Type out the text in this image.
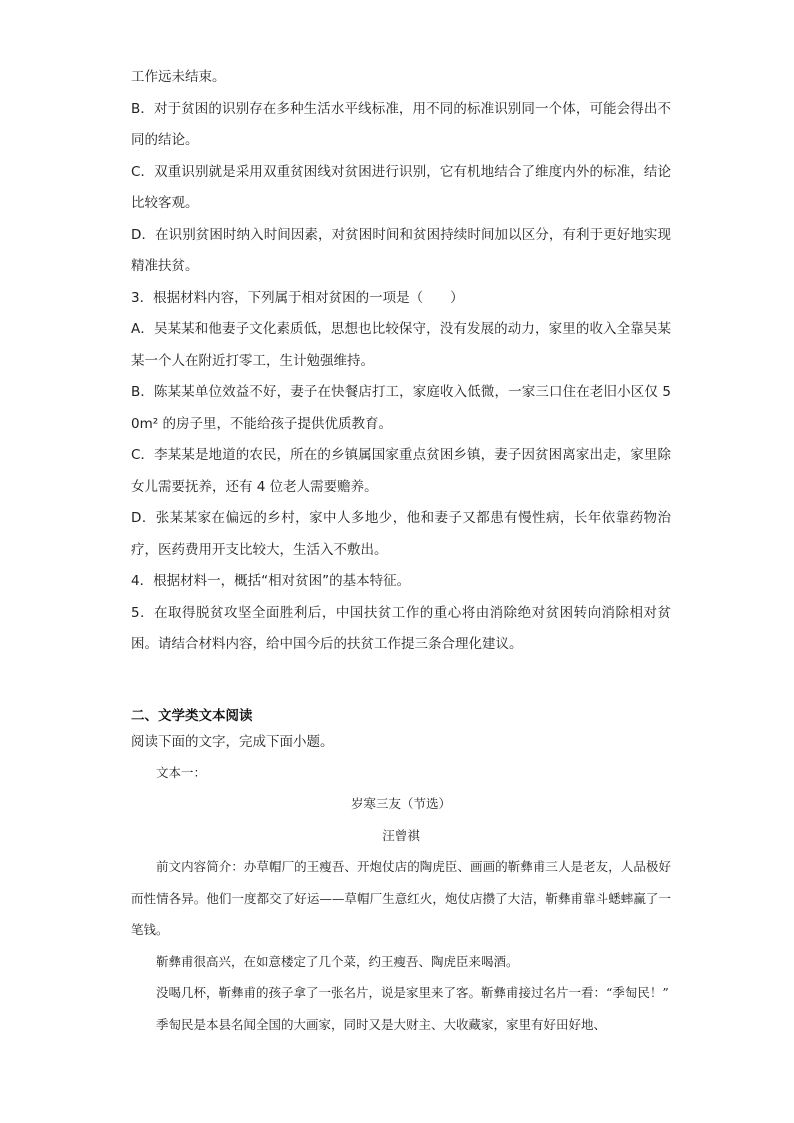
工作远未结束。

B．对于贫困的识别存在多种生活水平线标准，用不同的标准识别同一个体，可能会得出不同的结论。

C．双重识别就是采用双重贫困线对贫困进行识别，它有机地结合了维度内外的标准，结论比较客观。

D．在识别贫困时纳入时间因素，对贫困时间和贫困持续时间加以区分，有利于更好地实现精准扶贫。

3．根据材料内容，下列属于相对贫困的一项是（　　）

A．吴某某和他妻子文化素质低，思想也比较保守，没有发展的动力，家里的收入全靠吴某某一个人在附近打零工，生计勉强维持。

B．陈某某单位效益不好，妻子在快餐店打工，家庭收入低微，一家三口住在老旧小区仅 50m² 的房子里，不能给孩子提供优质教育。

C．李某某是地道的农民，所在的乡镇属国家重点贫困乡镇，妻子因贫困离家出走，家里除女儿需要抚养，还有 4 位老人需要赡养。

D．张某某家在偏远的乡村，家中人多地少，他和妻子又都患有慢性病，长年依靠药物治疗，医药费用开支比较大，生活入不敷出。

4．根据材料一，概括“相对贫困”的基本特征。

5．在取得脱贫攻坚全面胜利后，中国扶贫工作的重心将由消除绝对贫困转向消除相对贫困。请结合材料内容，给中国今后的扶贫工作提三条合理化建议。

二、文学类文本阅读

阅读下面的文字，完成下面小题。

文本一：

岁寒三友（节选）

汪曾祺

前文内容简介：办草帽厂的王瘦吾、开炮仗店的陶虎臣、画画的靳彝甫三人是老友，人品极好而性情各异。他们一度都交了好运——草帽厂生意红火，炮仗店攒了大洁，靳彝甫靠斗蟋蟀赢了一笔钱。

靳彝甫很高兴，在如意楼定了几个菜，约王瘦吾、陶虎臣来喝酒。

没喝几杯，靳彝甫的孩子拿了一张名片，说是家里来了客。靳彝甫接过名片一看：“季匋民！”

季匋民是本县名闻全国的大画家，同时又是大财主、大收藏家，家里有好田好地、
